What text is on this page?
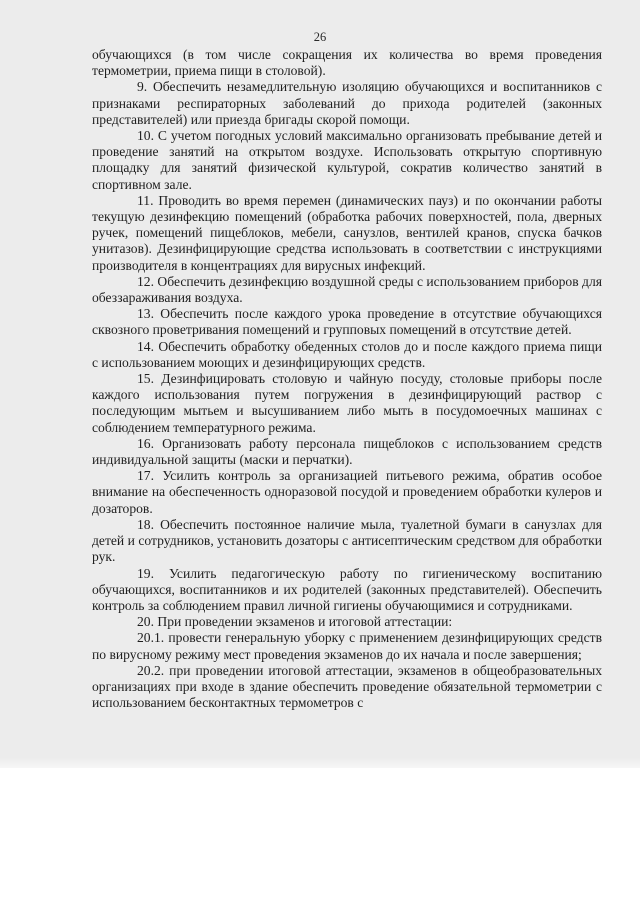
26

обучающихся (в том числе сокращения их количества во время проведения термометрии, приема пищи в столовой).

9. Обеспечить незамедлительную изоляцию обучающихся и воспитанников с признаками респираторных заболеваний до прихода родителей (законных представителей) или приезда бригады скорой помощи.

10. С учетом погодных условий максимально организовать пребывание детей и проведение занятий на открытом воздухе. Использовать открытую спортивную площадку для занятий физической культурой, сократив количество занятий в спортивном зале.

11. Проводить во время перемен (динамических пауз) и по окончании работы текущую дезинфекцию помещений (обработка рабочих поверхностей, пола, дверных ручек, помещений пищеблоков, мебели, санузлов, вентилей кранов, спуска бачков унитазов). Дезинфицирующие средства использовать в соответствии с инструкциями производителя в концентрациях для вирусных инфекций.

12. Обеспечить дезинфекцию воздушной среды с использованием приборов для обеззараживания воздуха.

13. Обеспечить после каждого урока проведение в отсутствие обучающихся сквозного проветривания помещений и групповых помещений в отсутствие детей.

14. Обеспечить обработку обеденных столов до и после каждого приема пищи с использованием моющих и дезинфицирующих средств.

15. Дезинфицировать столовую и чайную посуду, столовые приборы после каждого использования путем погружения в дезинфицирующий раствор с последующим мытьем и высушиванием либо мыть в посудомоечных машинах с соблюдением температурного режима.

16. Организовать работу персонала пищеблоков с использованием средств индивидуальной защиты (маски и перчатки).

17. Усилить контроль за организацией питьевого режима, обратив особое внимание на обеспеченность одноразовой посудой и проведением обработки кулеров и дозаторов.

18. Обеспечить постоянное наличие мыла, туалетной бумаги в санузлах для детей и сотрудников, установить дозаторы с антисептическим средством для обработки рук.

19. Усилить педагогическую работу по гигиеническому воспитанию обучающихся, воспитанников и их родителей (законных представителей). Обеспечить контроль за соблюдением правил личной гигиены обучающимися и сотрудниками.

20. При проведении экзаменов и итоговой аттестации:

20.1. провести генеральную уборку с применением дезинфицирующих средств по вирусному режиму мест проведения экзаменов до их начала и после завершения;

20.2. при проведении итоговой аттестации, экзаменов в общеобразовательных организациях при входе в здание обеспечить проведение обязательной термометрии с использованием бесконтактных термометров с
